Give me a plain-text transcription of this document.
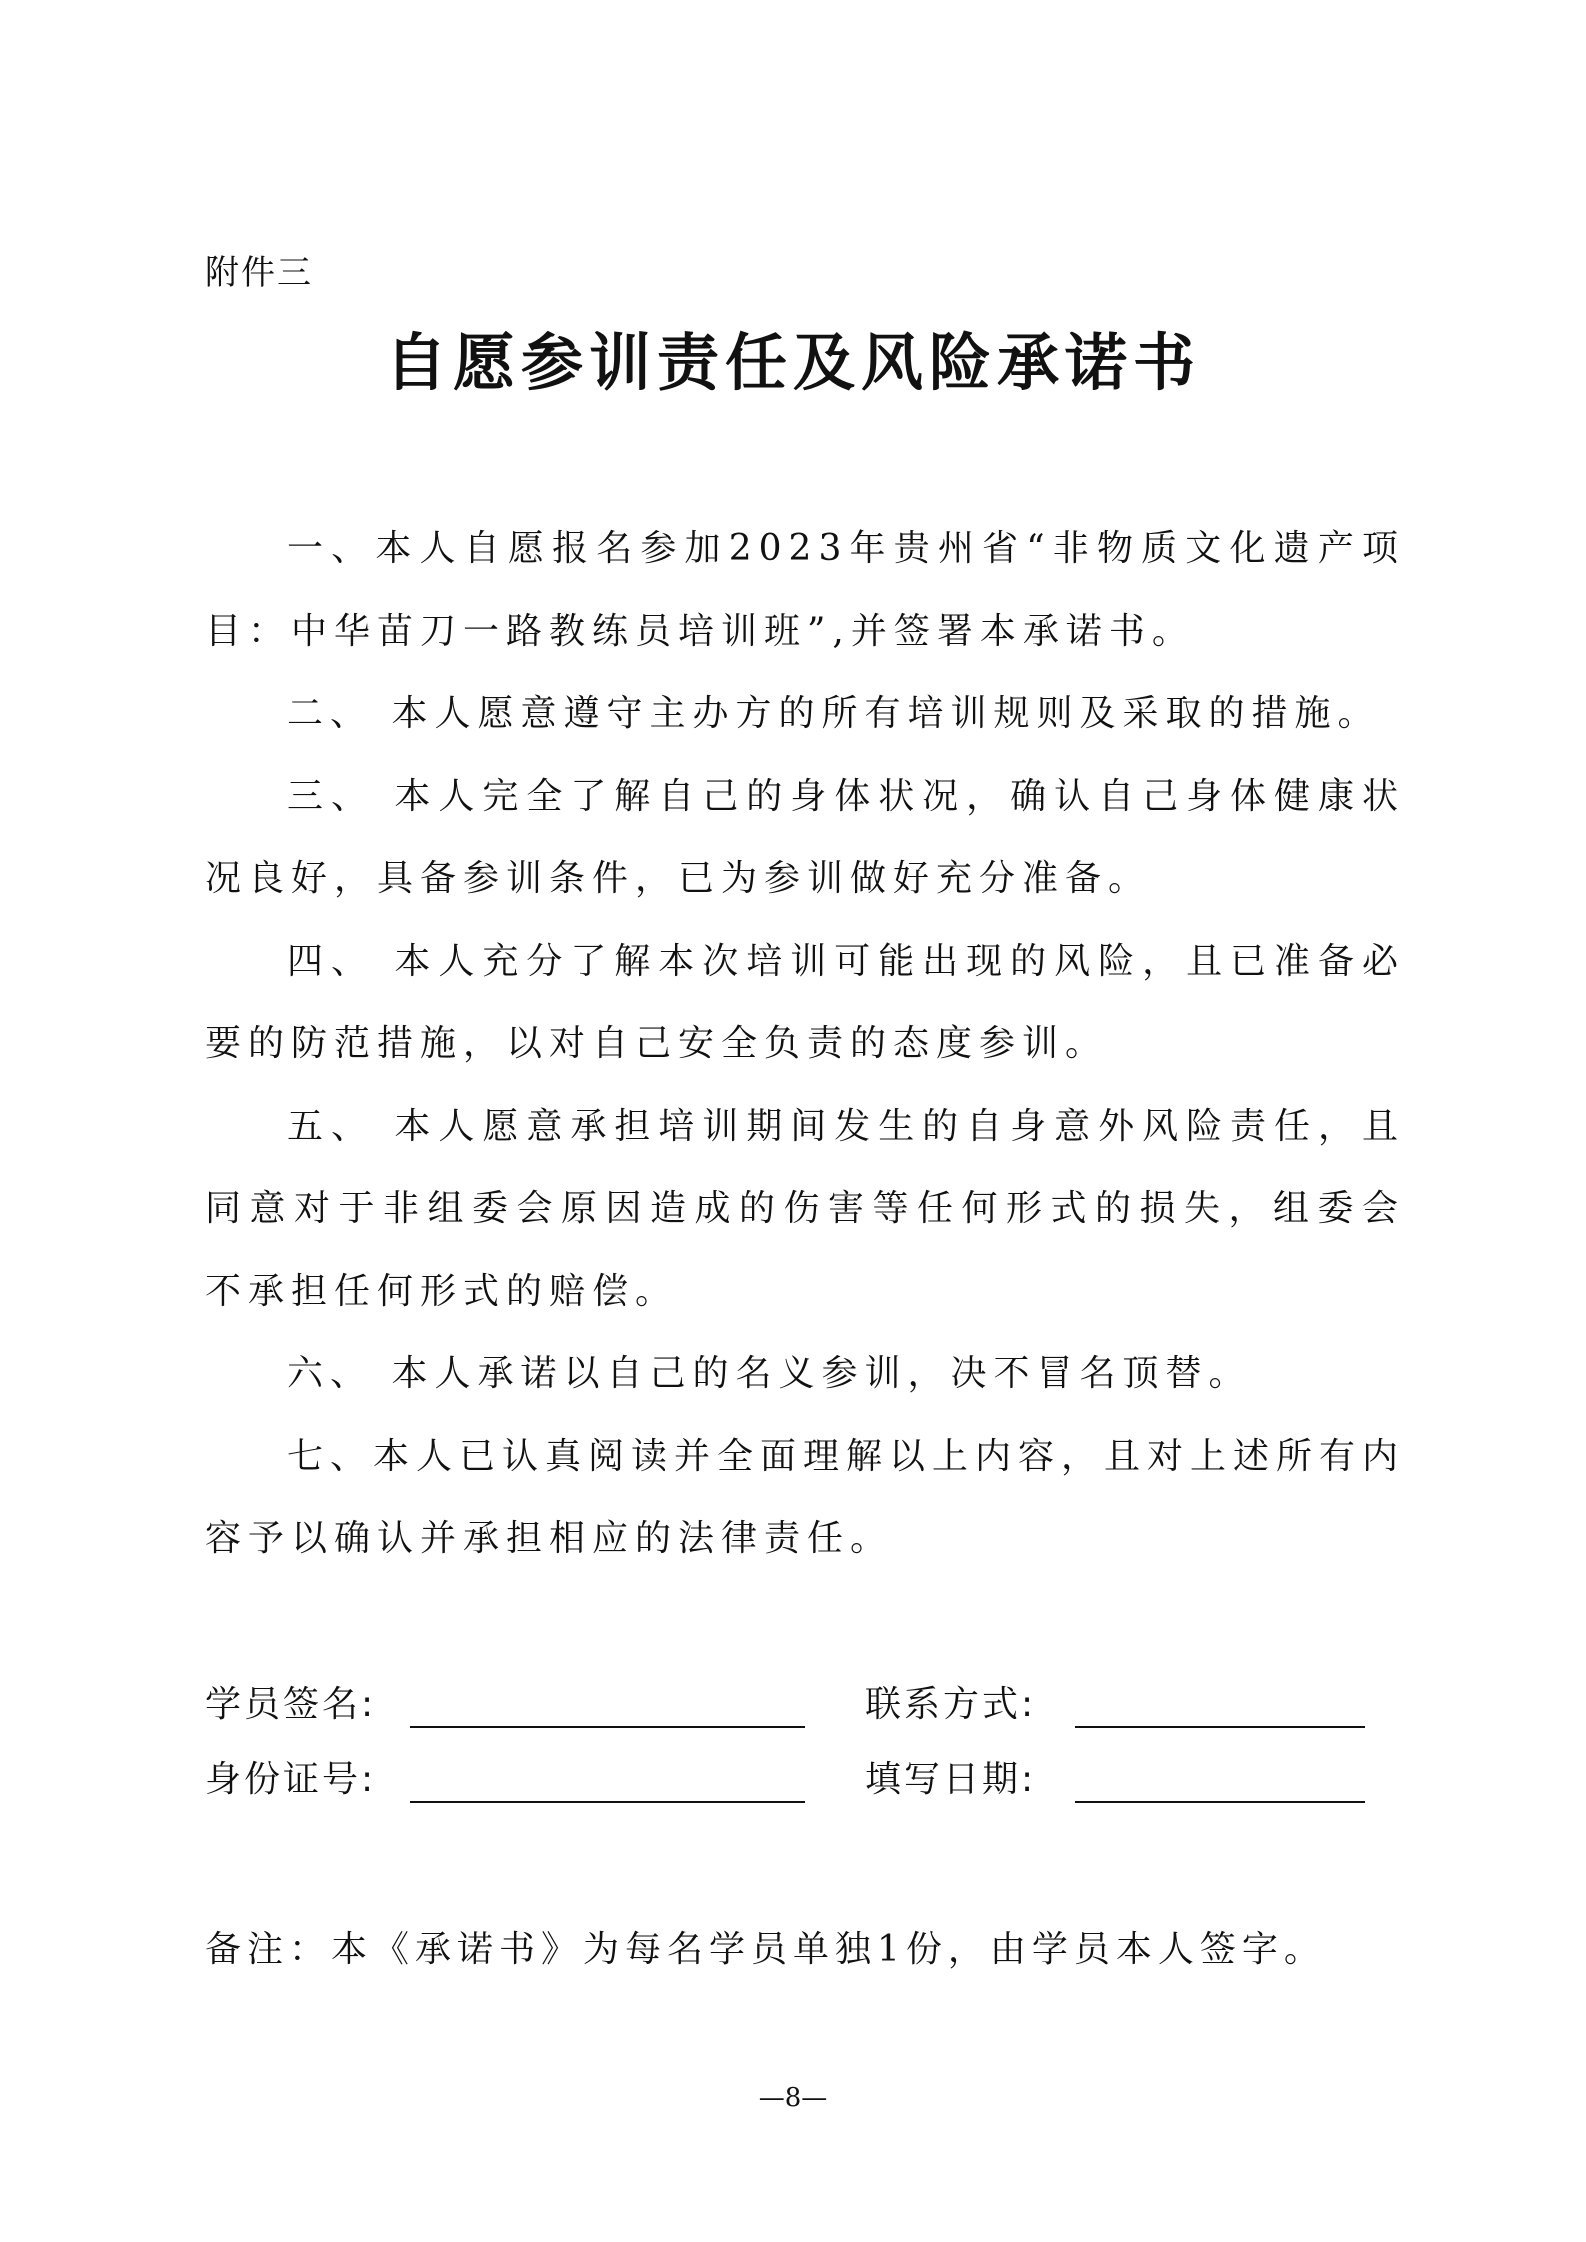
附件三

自愿参训责任及风险承诺书

一、本人自愿报名参加2023年贵州省“非物质文化遗产项目：中华苗刀一路教练员培训班”,并签署本承诺书。

二、 本人愿意遵守主办方的所有培训规则及采取的措施。

三、 本人完全了解自己的身体状况，确认自己身体健康状况良好，具备参训条件，已为参训做好充分准备。

四、 本人充分了解本次培训可能出现的风险，且已准备必要的防范措施，以对自己安全负责的态度参训。

五、 本人愿意承担培训期间发生的自身意外风险责任，且同意对于非组委会原因造成的伤害等任何形式的损失，组委会不承担任何形式的赔偿。

六、 本人承诺以自己的名义参训，决不冒名顶替。

七、本人已认真阅读并全面理解以上内容，且对上述所有内容予以确认并承担相应的法律责任。

学员签名:	联系方式:
身份证号:	填写日期:

备注：本《承诺书》为每名学员单独1份，由学员本人签字。

—8—
